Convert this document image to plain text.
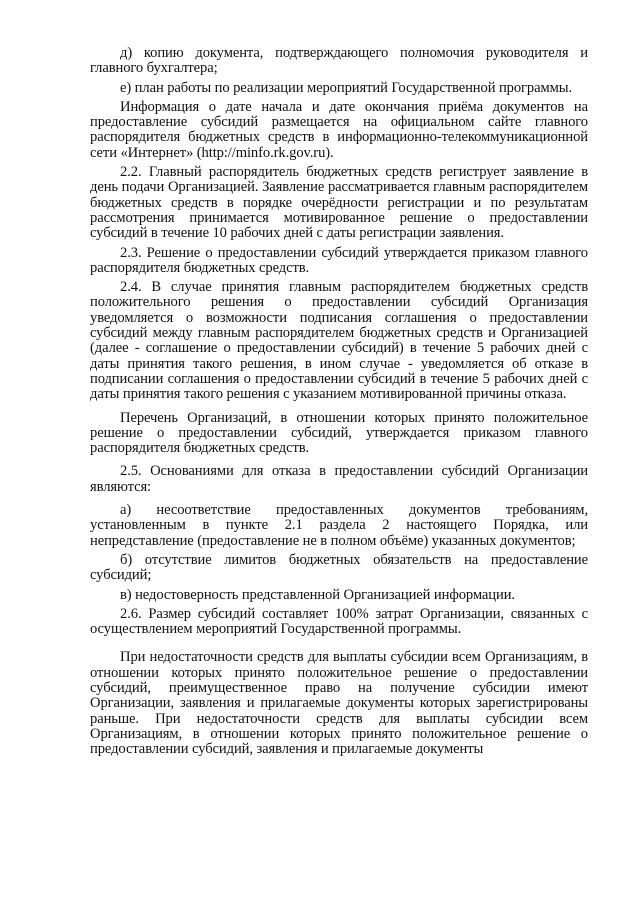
д) копию документа, подтверждающего полномочия руководителя и главного бухгалтера;

е) план работы по реализации мероприятий Государственной программы.

Информация о дате начала и дате окончания приёма документов на предоставление субсидий размещается на официальном сайте главного распорядителя бюджетных средств в информационно-телекоммуникационной сети «Интернет» (http://minfo.rk.gov.ru).

2.2. Главный распорядитель бюджетных средств региструет заявление в день подачи Организацией. Заявление рассматривается главным распорядителем бюджетных средств в порядке очерёдности регистрации и по результатам рассмотрения принимается мотивированное решение о предоставлении субсидий в течение 10 рабочих дней с даты регистрации заявления.

2.3. Решение о предоставлении субсидий утверждается приказом главного распорядителя бюджетных средств.

2.4. В случае принятия главным распорядителем бюджетных средств положительного решения о предоставлении субсидий Организация уведомляется о возможности подписания соглашения о предоставлении субсидий между главным распорядителем бюджетных средств и Организацией (далее - соглашение о предоставлении субсидий) в течение 5 рабочих дней с даты принятия такого решения, в ином случае - уведомляется об отказе в подписании соглашения о предоставлении субсидий в течение 5 рабочих дней с даты принятия такого решения с указанием мотивированной причины отказа.

Перечень Организаций, в отношении которых принято положительное решение о предоставлении субсидий, утверждается приказом главного распорядителя бюджетных средств.

2.5. Основаниями для отказа в предоставлении субсидий Организации являются:

а) несоответствие предоставленных документов требованиям, установленным в пункте 2.1 раздела 2 настоящего Порядка, или непредставление (предоставление не в полном объёме) указанных документов;

б) отсутствие лимитов бюджетных обязательств на предоставление субсидий;

в) недостоверность представленной Организацией информации.

2.6. Размер субсидий составляет 100% затрат Организации, связанных с осуществлением мероприятий Государственной программы.

При недостаточности средств для выплаты субсидии всем Организациям, в отношении которых принято положительное решение о предоставлении субсидий, преимущественное право на получение субсидии имеют Организации, заявления и прилагаемые документы которых зарегистрированы раньше. При недостаточности средств для выплаты субсидии всем Организациям, в отношении которых принято положительное решение о предоставлении субсидий, заявления и прилагаемые документы
